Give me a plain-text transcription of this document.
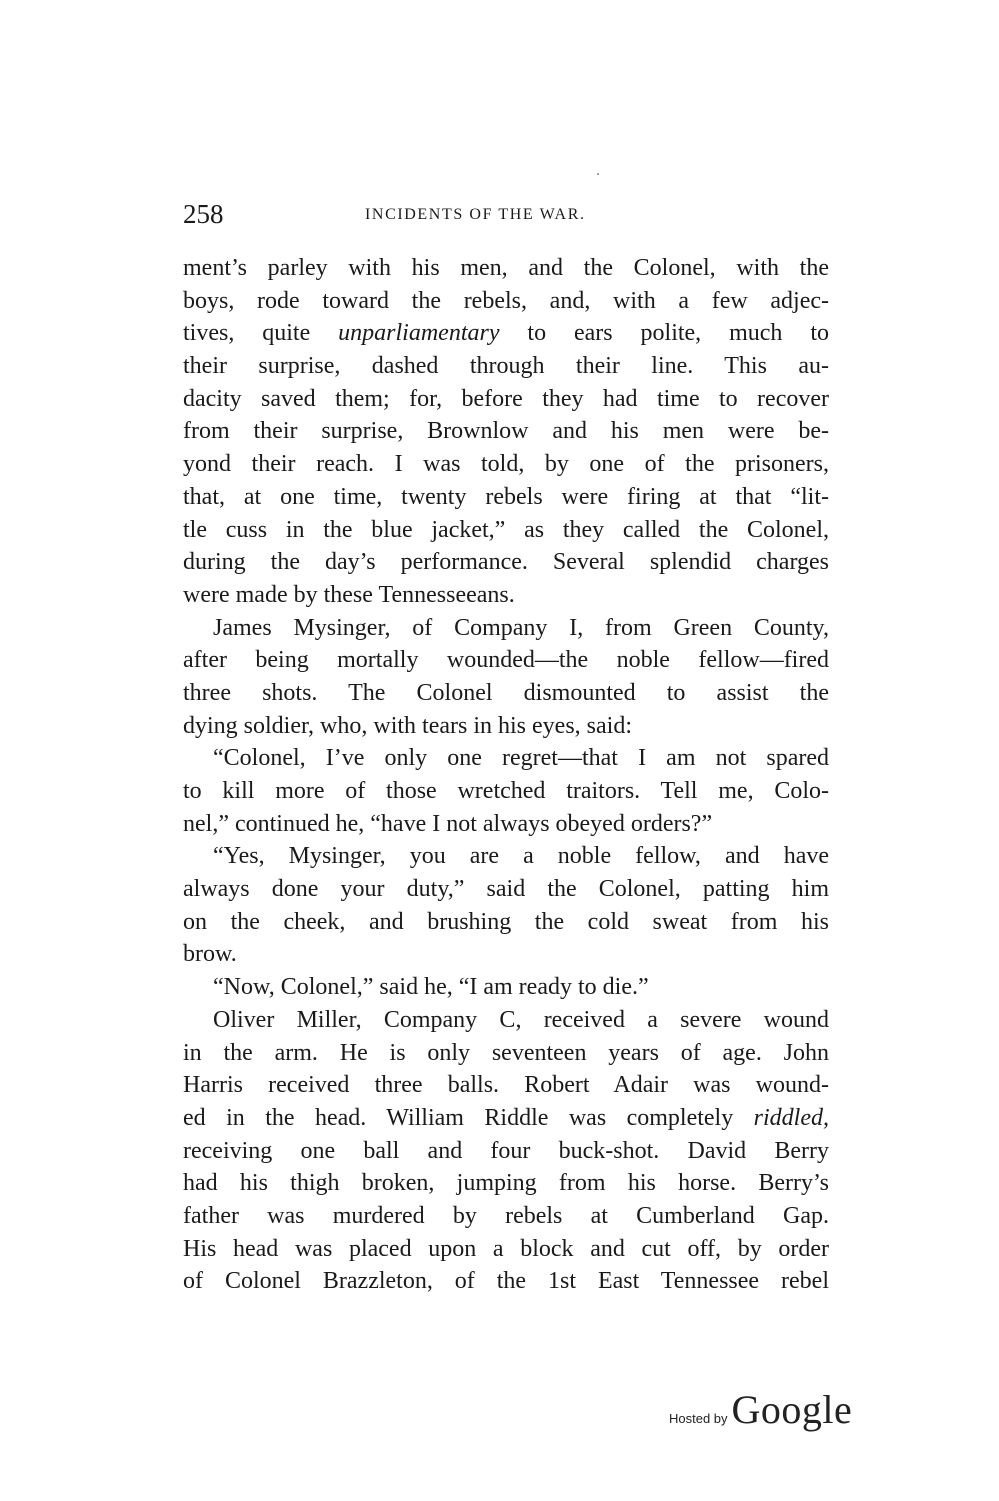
258	INCIDENTS OF THE WAR.
ment’s parley with his men, and the Colonel, with the
boys, rode toward the rebels, and, with a few adjec-
tives, quite unparliamentary to ears polite, much to
their surprise, dashed through their line. This au-
dacity saved them; for, before they had time to recover
from their surprise, Brownlow and his men were be-
yond their reach. I was told, by one of the prisoners,
that, at one time, twenty rebels were firing at that “lit-
tle cuss in the blue jacket,” as they called the Colonel,
during the day’s performance. Several splendid charges
were made by these Tennesseeans.
James Mysinger, of Company I, from Green County,
after being mortally wounded—the noble fellow—fired
three shots. The Colonel dismounted to assist the
dying soldier, who, with tears in his eyes, said:
“Colonel, I’ve only one regret—that I am not spared
to kill more of those wretched traitors. Tell me, Colo-
nel,” continued he, “have I not always obeyed orders?”
“Yes, Mysinger, you are a noble fellow, and have
always done your duty,” said the Colonel, patting him
on the cheek, and brushing the cold sweat from his
brow.
“Now, Colonel,” said he, “I am ready to die.”
Oliver Miller, Company C, received a severe wound
in the arm. He is only seventeen years of age. John
Harris received three balls. Robert Adair was wound-
ed in the head. William Riddle was completely riddled,
receiving one ball and four buck-shot. David Berry
had his thigh broken, jumping from his horse. Berry’s
father was murdered by rebels at Cumberland Gap.
His head was placed upon a block and cut off, by order
of Colonel Brazzleton, of the 1st East Tennessee rebel
Hosted by Google
